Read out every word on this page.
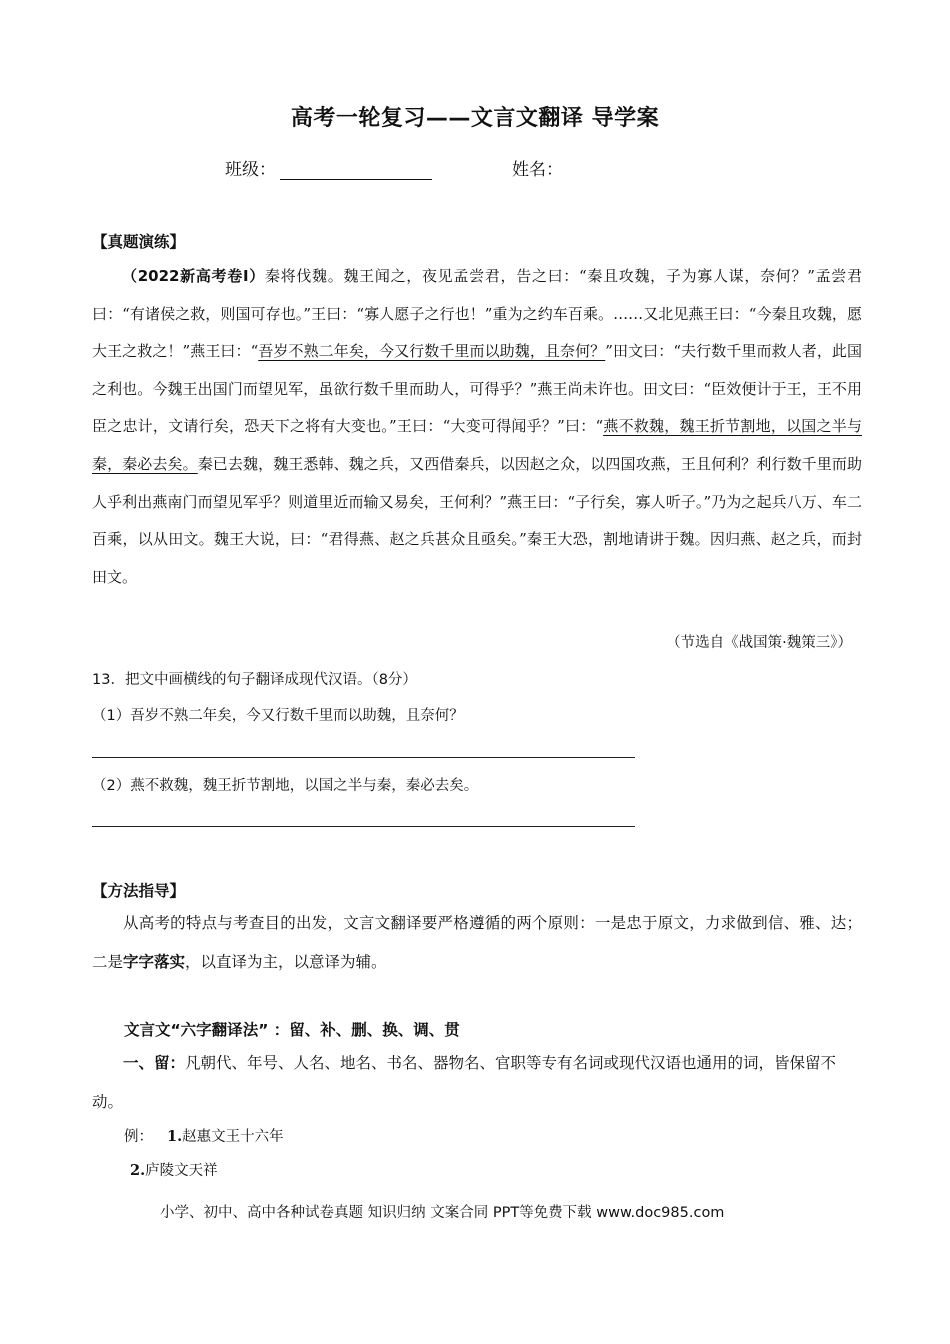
高考一轮复习——文言文翻译 导学案
班级：	姓名：
【真题演练】

（2022新高考卷Ⅰ）秦将伐魏。魏王闻之，夜见孟尝君，告之曰：“秦且攻魏，子为寡人谋，奈何？”孟尝君曰：“有诸侯之救，则国可存也。”王曰：“寡人愿子之行也！”重为之约车百乘。……又北见燕王曰：“今秦且攻魏，愿大王之救之！”燕王曰：“吾岁不熟二年矣，今又行数千里而以助魏，且奈何？”田文曰：“夫行数千里而救人者，此国之利也。今魏王出国门而望见军，虽欲行数千里而助人，可得乎？”燕王尚未许也。田文曰：“臣效便计于王，王不用臣之忠计，文请行矣，恐天下之将有大变也。”王曰：“大变可得闻乎？”曰：“燕不救魏，魏王折节割地，以国之半与秦，秦必去矣。秦已去魏，魏王悉韩、魏之兵，又西借秦兵，以因赵之众，以四国攻燕，王且何利？利行数千里而助人乎利出燕南门而望见军乎？则道里近而输又易矣，王何利？”燕王曰：“子行矣，寡人听子。”乃为之起兵八万、车二百乘，以从田文。魏王大说，曰：“君得燕、赵之兵甚众且亟矣。”秦王大恐，割地请讲于魏。因归燕、赵之兵，而封田文。

（节选自《战国策·魏策三》）
13．把文中画横线的句子翻译成现代汉语。（8分）
（1）吾岁不熟二年矣，今又行数千里而以助魏，且奈何？
（2）燕不救魏，魏王折节割地，以国之半与秦，秦必去矣。
【方法指导】

从高考的特点与考查目的出发，文言文翻译要严格遵循的两个原则：一是忠于原文，力求做到信、雅、达；二是字字落实，以直译为主，以意译为辅。

文言文“六字翻译法” ：留、补、删、换、调、贯

一、留：凡朝代、年号、人名、地名、书名、器物名、官职等专有名词或现代汉语也通用的词，皆保留不动。

例： 1.赵惠文王十六年
2.庐陵文天祥
小学、初中、高中各种试卷真题 知识归纳 文案合同 PPT等免费下载 www.doc985.com
